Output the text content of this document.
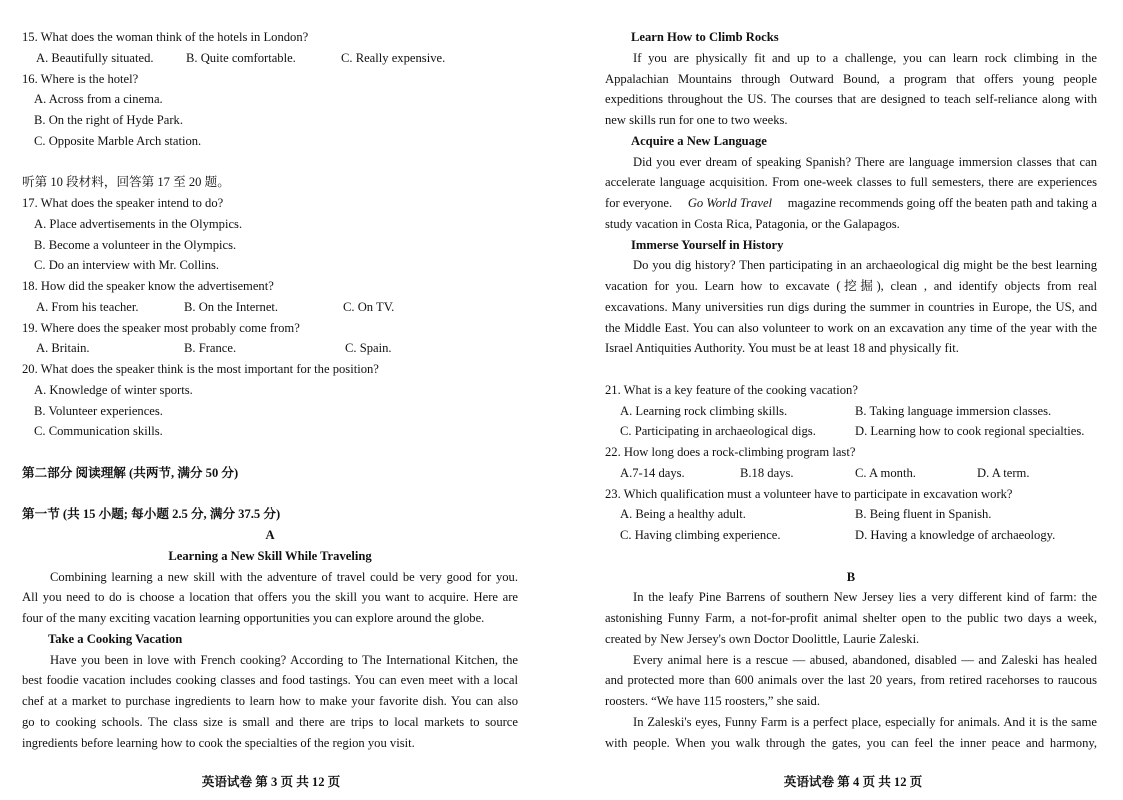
15. What does the woman think of the hotels in London?
A. Beautifully situated.	B. Quite comfortable.	C. Really expensive.
16. Where is the hotel?
A. Across from a cinema.
B. On the right of Hyde Park.
C. Opposite Marble Arch station.
听第 10 段材料，回答第 17 至 20 题。
17. What does the speaker intend to do?
A. Place advertisements in the Olympics.
B. Become a volunteer in the Olympics.
C. Do an interview with Mr. Collins.
18. How did the speaker know the advertisement?
A. From his teacher.	B. On the Internet.	C. On TV.
19. Where does the speaker most probably come from?
A. Britain.	B. France.	C. Spain.
20. What does the speaker think is the most important for the position?
A. Knowledge of winter sports.
B. Volunteer experiences.
C. Communication skills.
第二部分 阅读理解 (共两节, 满分 50 分)
第一节 (共 15 小题; 每小题 2.5 分, 满分 37.5 分)
A
Learning a New Skill While Traveling
Combining learning a new skill with the adventure of travel could be very good for you.
All you need to do is choose a location that offers you the skill you want to acquire. Here are
four of the many exciting vacation learning opportunities you can explore around the globe.
Take a Cooking Vacation
Have you been in love with French cooking? According to The International Kitchen, the
best foodie vacation includes cooking classes and food tastings. You can even meet with a local
chef at a market to purchase ingredients to learn how to make your favorite dish. You can also
go to cooking schools. The class size is small and there are trips to local markets to source
ingredients before learning how to cook the specialties of the region you visit.
Learn How to Climb Rocks
If you are physically fit and up to a challenge, you can learn rock climbing in the
Appalachian Mountains through Outward Bound, a program that offers young people
expeditions throughout the US. The courses that are designed to teach self-reliance along with
new skills run for one to two weeks.
Acquire a New Language
Did you ever dream of speaking Spanish? There are language immersion classes that can
accelerate language acquisition. From one-week classes to full semesters, there are experiences
for everyone. Go World Travel magazine recommends going off the beaten path and taking a
study vacation in Costa Rica, Patagonia, or the Galapagos.
Immerse Yourself in History
Do you dig history? Then participating in an archaeological dig might be the best learning
vacation for you. Learn how to excavate (挖掘), clean , and identify objects from real
excavations. Many universities run digs during the summer in countries in Europe, the US, and
the Middle East. You can also volunteer to work on an excavation any time of the year with the
Israel Antiquities Authority. You must be at least 18 and physically fit.
21. What is a key feature of the cooking vacation?
A. Learning rock climbing skills.	B. Taking language immersion classes.
C. Participating in archaeological digs.	D. Learning how to cook regional specialties.
22. How long does a rock-climbing program last?
A.7-14 days.	B.18 days.	C. A month.	D. A term.
23. Which qualification must a volunteer have to participate in excavation work?
A. Being a healthy adult.	B. Being fluent in Spanish.
C. Having climbing experience.	D. Having a knowledge of archaeology.
B
In the leafy Pine Barrens of southern New Jersey lies a very different kind of farm: the
astonishing Funny Farm, a not-for-profit animal shelter open to the public two days a week,
created by New Jersey's own Doctor Doolittle, Laurie Zaleski.
Every animal here is a rescue — abused, abandoned, disabled — and Zaleski has healed
and protected more than 600 animals over the last 20 years, from retired racehorses to raucous
roosters. “We have 115 roosters,” she said.
In Zaleski's eyes, Funny Farm is a perfect place, especially for animals. And it is the same
with people. When you walk through the gates, you can feel the inner peace and harmony,
英语试卷 第 3 页 共 12 页	英语试卷 第 4 页 共 12 页
